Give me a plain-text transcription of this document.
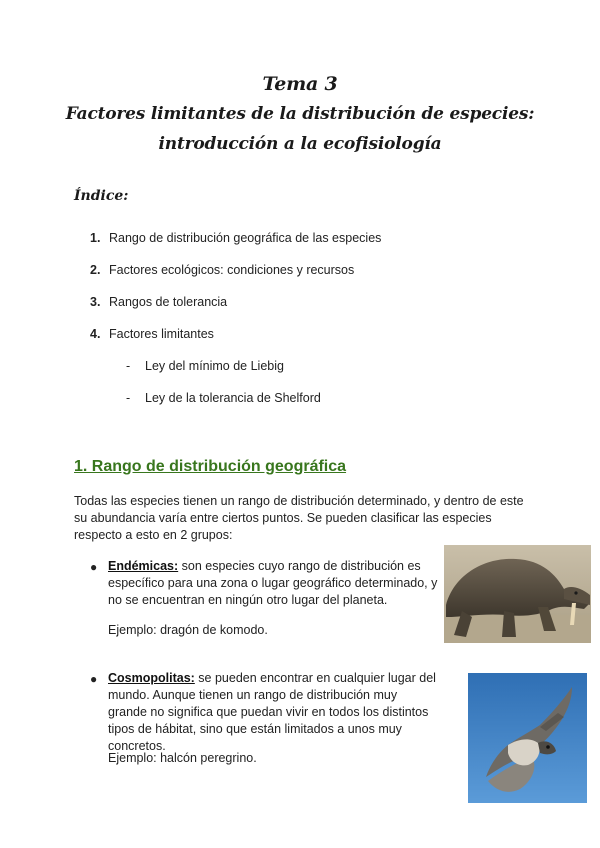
Tema 3
Factores limitantes de la distribución de especies:
introducción a la ecofisiología
Índice:
1. Rango de distribución geográfica de las especies
2. Factores ecológicos: condiciones y recursos
3. Rangos de tolerancia
4. Factores limitantes
- Ley del mínimo de Liebig
- Ley de la tolerancia de Shelford
1. Rango de distribución geográfica
Todas las especies tienen un rango de distribución determinado, y dentro de este su abundancia varía entre ciertos puntos. Se pueden clasificar las especies respecto a esto en 2 grupos:
● Endémicas: son especies cuyo rango de distribución es específico para una zona o lugar geográfico determinado, y no se encuentran en ningún otro lugar del planeta.
Ejemplo: dragón de komodo.
● Cosmopolitas: se pueden encontrar en cualquier lugar del mundo. Aunque tienen un rango de distribución muy grande no significa que puedan vivir en todos los distintos tipos de hábitat, sino que están limitados a unos muy concretos.
Ejemplo: halcón peregrino.
